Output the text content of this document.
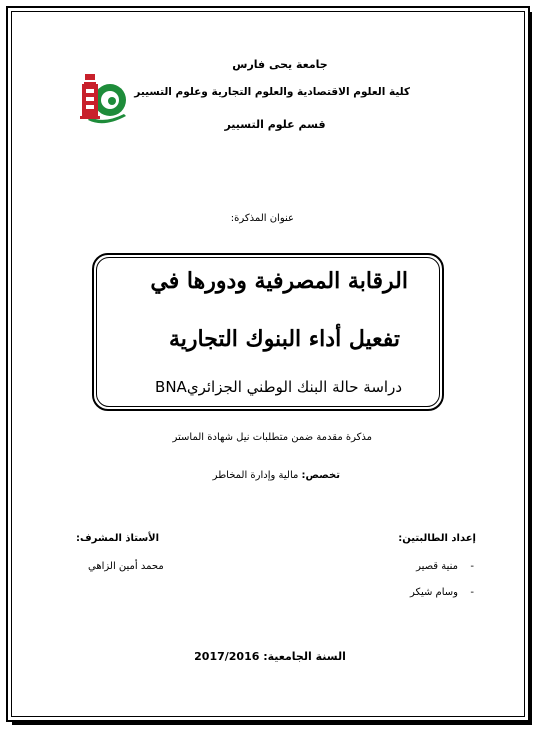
جامعة يحى فارس
كلية العلوم الاقتصادية والعلوم التجارية وعلوم التسيير
قسم علوم التسيير
عنوان المذكرة:
الرقابة المصرفية ودورها في
تفعيل أداء البنوك التجارية
دراسة حالة البنك الوطني الجزائريBNA
مذكرة مقدمة ضمن متطلبات نيل شهادة الماستر
تخصص: مالية وإدارة المخاطر
إعداد الطالبتين:
-
منية قصير
-
وسام شيكر
الأستاذ المشرف:
محمد أمين الزاهي
السنة الجامعية: 2017/2016
